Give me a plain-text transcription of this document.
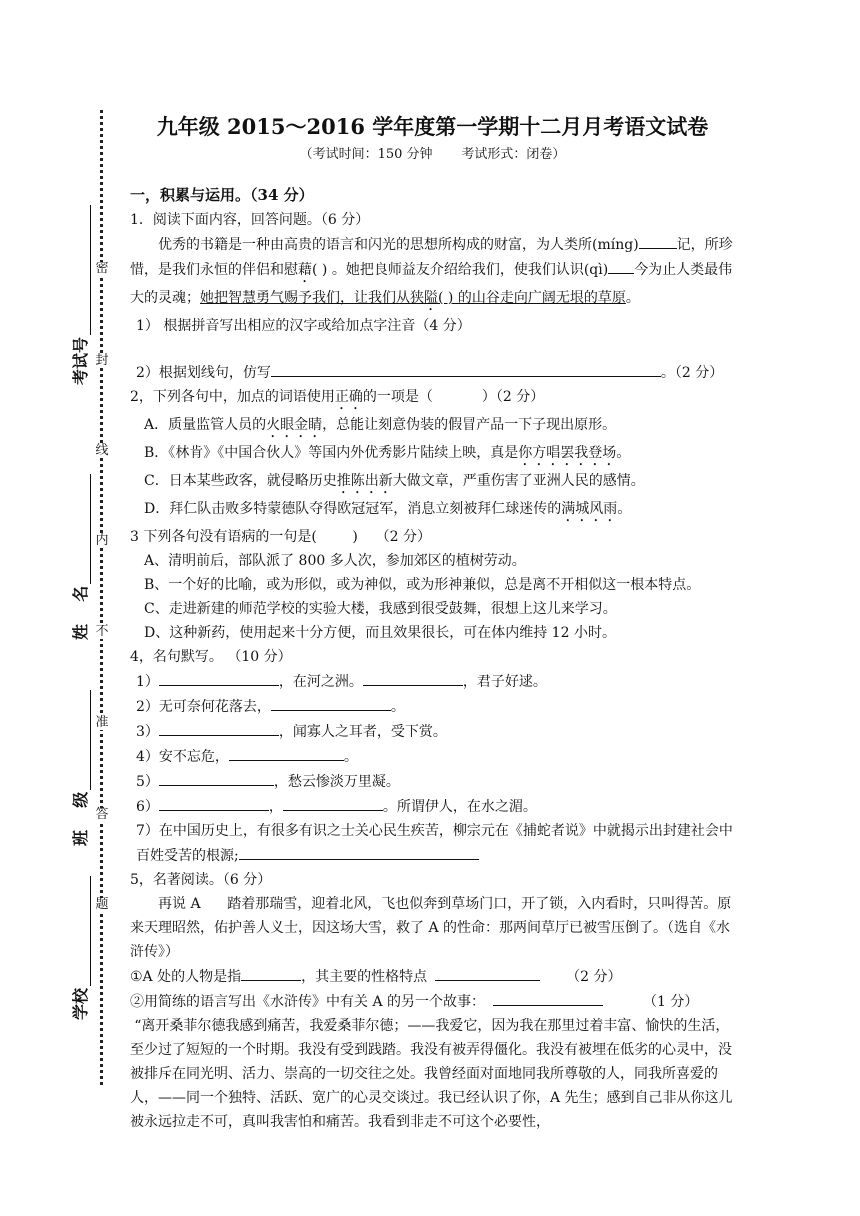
密
封
线
内
不
准
答
题
考试号
姓    名
班    级
学校
九年级 2015～2016 学年度第一学期十二月月考语文试卷
（考试时间：150 分钟       考试形式：闭卷）
一，积累与运用。（34 分）

1．阅读下面内容，回答问题。（6 分）

优秀的书籍是一种由高贵的语言和闪光的思想所构成的财富，为人类所(míng)	记，所珍惜，是我们永恒的伴侣和慰藉( ) 。她把良师益友介绍给我们，使我们认识(qì) 今为止人类最伟大的灵魂；她把智慧勇气赐予我们，让我们从狭隘( ) 的山谷走向广阔无垠的草原。

1） 根据拼音写出相应的汉字或给加点字注音（4 分）

2）根据划线句，仿写	。（2 分）

2，下列各句中，加点的词语使用正确的一项是（           ）（2 分）

A．质量监管人员的火眼金睛，总能让刻意伪装的假冒产品一下子现出原形。

B．《林肯》《中国合伙人》等国内外优秀影片陆续上映，真是你方唱罢我登场。

C．日本某些政客，就侵略历史推陈出新大做文章，严重伤害了亚洲人民的感情。

D．拜仁队击败多特蒙德队夺得欧冠冠军，消息立刻被拜仁球迷传的满城风雨。

3 下列各句没有语病的一句是(        )    （2 分）

A、清明前后，部队派了 800 多人次，参加郊区的植树劳动。

B、一个好的比喻，或为形似，或为神似，或为形神兼似，总是离不开相似这一根本特点。

C、走进新建的师范学校的实验大楼，我感到很受鼓舞，很想上这儿来学习。

D、这种新药，使用起来十分方便，而且效果很长，可在体内维持 12 小时。

4，名句默写。 （10 分）

1）	，在河之洲。	，君子好逑。

2）无可奈何花落去，	。

3）	，闻寡人之耳者，受下赏。

4）安不忘危，	。

5）	，愁云惨淡万里凝。

6）	，	。所谓伊人，在水之湄。

7）在中国历史上，有很多有识之士关心民生疾苦，柳宗元在《捕蛇者说》中就揭示出封建社会中百姓受苦的根源;

5，名著阅读。（6 分）

再说 A      踏着那瑞雪，迎着北风，飞也似奔到草场门口，开了锁，入内看时，只叫得苦。原来天理昭然，佑护善人义士，因这场大雪，救了 A 的性命：那两间草厅已被雪压倒了。（选自《水浒传》）

①A 处的人物是指	，其主要的性格特点	（2 分）

②用简练的语言写出《水浒传》中有关 A 的另一个故事：	（1 分）

“离开桑菲尔德我感到痛苦，我爱桑菲尔德；——我爱它，因为我在那里过着丰富、愉快的生活，至少过了短短的一个时期。我没有受到践踏。我没有被弄得僵化。我没有被埋在低劣的心灵中，没被排斥在同光明、活力、崇高的一切交往之处。我曾经面对面地同我所尊敬的人，同我所喜爱的人，——同一个独特、活跃、宽广的心灵交谈过。我已经认识了你，A 先生；感到自己非从你这儿被永远拉走不可，真叫我害怕和痛苦。我看到非走不可这个必要性，
